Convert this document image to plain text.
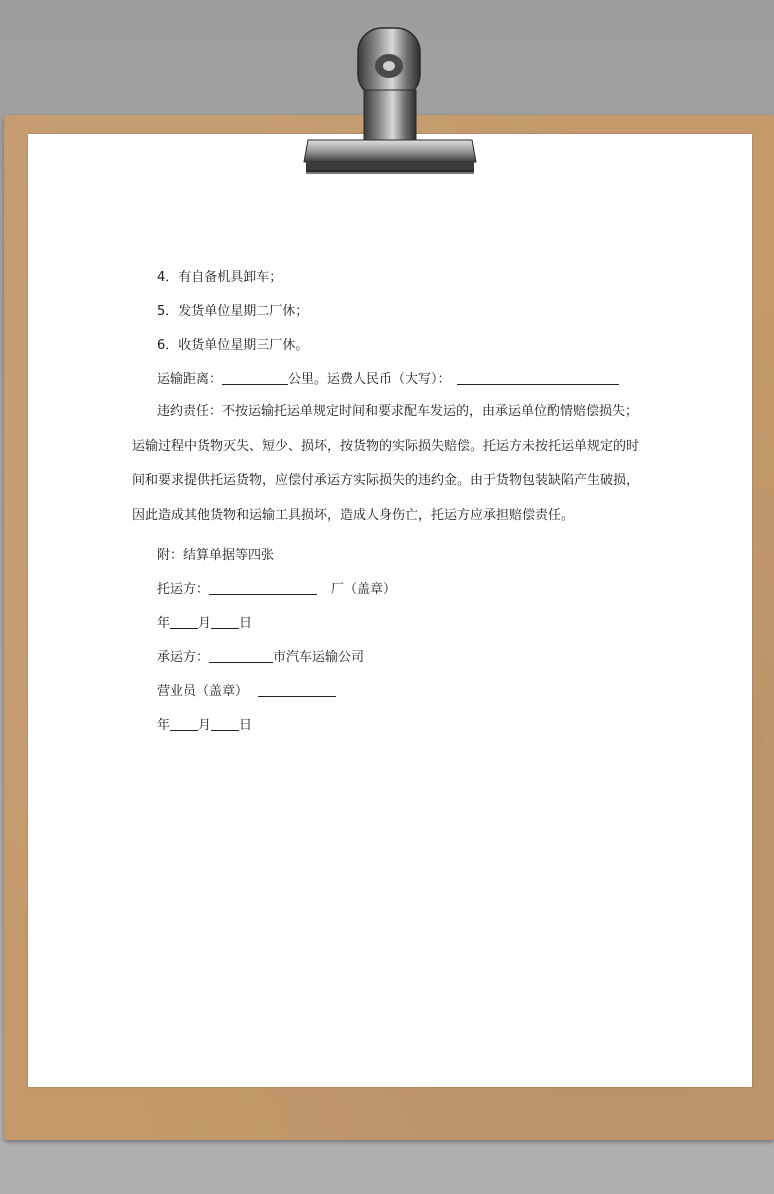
4．有自备机具卸车；
5．发货单位星期二厂休；
6．收货单位星期三厂休。
运输距离：	公里。运费人民币（大写）：
违约责任：不按运输托运单规定时间和要求配车发运的，由承运单位酌情赔偿损失；运输过程中货物灭失、短少、损坏，按货物的实际损失赔偿。托运方未按托运单规定的时间和要求提供托运货物，应偿付承运方实际损失的违约金。由于货物包装缺陷产生破损，因此造成其他货物和运输工具损坏，造成人身伤亡，托运方应承担赔偿责任。
附：结算单据等四张
托运方：	厂（盖章）
年 月 日
承运方：	市汽车运输公司
营业员（盖章）
年 月 日
